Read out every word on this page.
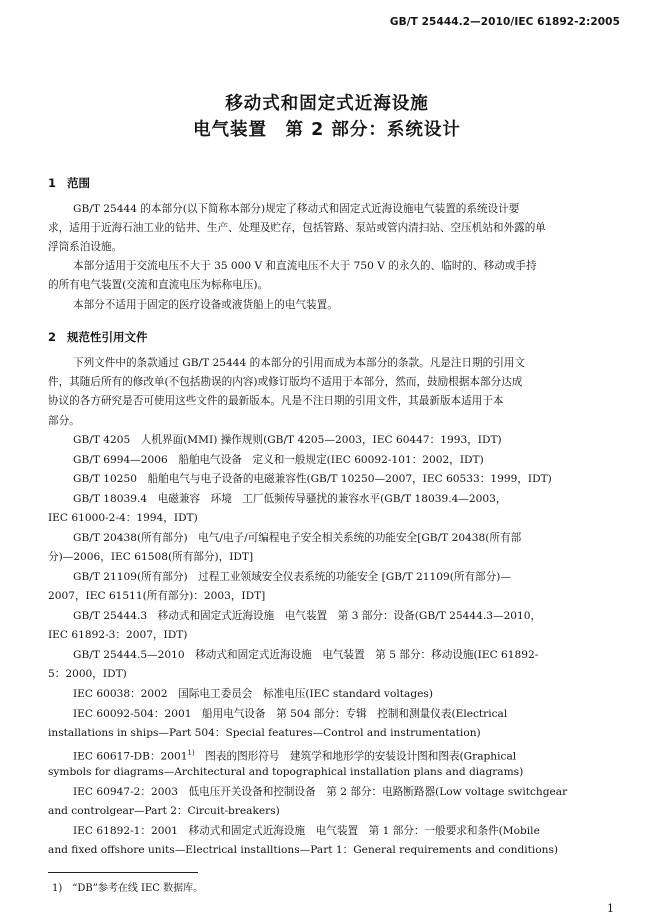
GB/T 25444.2—2010/IEC 61892-2:2005
移动式和固定式近海设施
电气装置　第 2 部分：系统设计
1 范围
GB/T 25444 的本部分(以下简称本部分)规定了移动式和固定式近海设施电气装置的系统设计要
求，适用于近海石油工业的钻井、生产、处理及贮存，包括管路、泵站或管内清扫站、空压机站和外露的单
浮筒系泊设施。
本部分适用于交流电压不大于 35 000 V 和直流电压不大于 750 V 的永久的、临时的、移动或手持
的所有电气装置(交流和直流电压为标称电压)。
本部分不适用于固定的医疗设备或液货船上的电气装置。
2 规范性引用文件
下列文件中的条款通过 GB/T 25444 的本部分的引用而成为本部分的条款。凡是注日期的引用文
件，其随后所有的修改单(不包括勘误的内容)或修订版均不适用于本部分，然而，鼓励根据本部分达成
协议的各方研究是否可使用这些文件的最新版本。凡是不注日期的引用文件，其最新版本适用于本
部分。
GB/T 4205　人机界面(MMI) 操作规则(GB/T 4205—2003，IEC 60447：1993，IDT)
GB/T 6994—2006　船舶电气设备　定义和一般规定(IEC 60092-101：2002，IDT)
GB/T 10250　船舶电气与电子设备的电磁兼容性(GB/T 10250—2007，IEC 60533：1999，IDT)
GB/T 18039.4　电磁兼容　环境　工厂低频传导骚扰的兼容水平(GB/T 18039.4—2003，
IEC 61000-2-4：1994，IDT)
GB/T 20438(所有部分)　电气/电子/可编程电子安全相关系统的功能安全[GB/T 20438(所有部
分)—2006，IEC 61508(所有部分)，IDT]
GB/T 21109(所有部分)　过程工业领域安全仪表系统的功能安全 [GB/T 21109(所有部分)—
2007，IEC 61511(所有部分)：2003，IDT]
GB/T 25444.3　移动式和固定式近海设施　电气装置　第 3 部分：设备(GB/T 25444.3—2010，
IEC 61892-3：2007，IDT)
GB/T 25444.5—2010　移动式和固定式近海设施　电气装置　第 5 部分：移动设施(IEC 61892-
5：2000，IDT)
IEC 60038：2002　国际电工委员会　标准电压(IEC standard voltages)
IEC 60092-504：2001　船用电气设备　第 504 部分：专辑　控制和测量仪表(Electrical
installations in ships—Part 504：Special features—Control and instrumentation)
IEC 60617-DB：2001$^{1)}$　 图表的图形符号　建筑学和地形学的安装设计图和图表(Graphical
symbols for diagrams—Architectural and topographical installation plans and diagrams)
IEC 60947-2：2003　低电压开关设备和控制设备　第 2 部分：电路断路器(Low voltage switchgear
and controlgear—Part 2：Circuit-breakers)
IEC 61892-1：2001　移动式和固定式近海设施　电气装置　第 1 部分：一般要求和条件(Mobile
and fixed offshore units—Electrical installtions—Part 1：General requirements and conditions)
1)　 “DB”参考在线 IEC 数据库。
1
